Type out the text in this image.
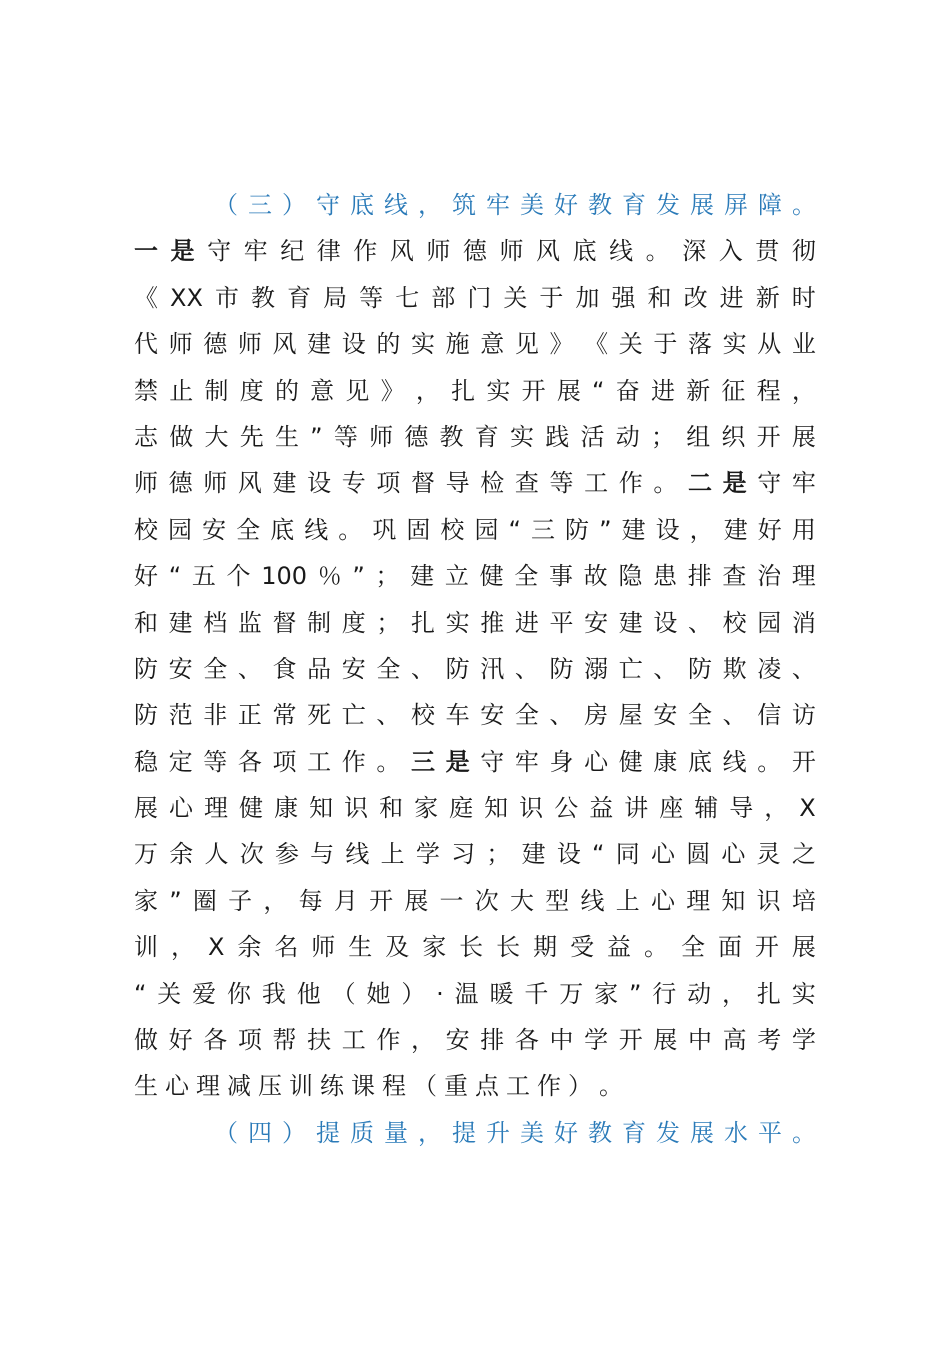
（ 三 ） 守 底 线 ， 筑 牢 美 好 教 育 发 展 屏 障 。
一 是 守 牢 纪 律 作 风 师 德 师 风 底 线 。 深 入 贯 彻
《 XX 市 教 育 局 等 七 部 门 关 于 加 强 和 改 进 新 时
代 师 德 师 风 建 设 的 实 施 意 见 》 《 关 于 落 实 从 业
禁 止 制 度 的 意 见 》 ， 扎 实 开 展 “ 奋 进 新 征 程 ，
志 做 大 先 生 ” 等 师 德 教 育 实 践 活 动 ； 组 织 开 展
师 德 师 风 建 设 专 项 督 导 检 查 等 工 作 。 二 是 守 牢
校 园 安 全 底 线 。 巩 固 校 园 “ 三 防 ” 建 设 ， 建 好 用
好 “ 五 个 100 ％ ” ； 建 立 健 全 事 故 隐 患 排 查 治 理
和 建 档 监 督 制 度 ； 扎 实 推 进 平 安 建 设 、 校 园 消
防 安 全 、 食 品 安 全 、 防 汛 、 防 溺 亡 、 防 欺 凌 、
防 范 非 正 常 死 亡 、 校 车 安 全 、 房 屋 安 全 、 信 访
稳 定 等 各 项 工 作 。 三 是 守 牢 身 心 健 康 底 线 。 开
展 心 理 健 康 知 识 和 家 庭 知 识 公 益 讲 座 辅 导 ， X
万 余 人 次 参 与 线 上 学 习 ； 建 设 “ 同 心 圆 心 灵 之
家 ” 圈 子 ， 每 月 开 展 一 次 大 型 线 上 心 理 知 识 培
训 ， X 余 名 师 生 及 家 长 长 期 受 益 。 全 面 开 展
“ 关 爱 你 我 他 （ 她 ） · 温 暖 千 万 家 ” 行 动 ， 扎 实
做 好 各 项 帮 扶 工 作 ， 安 排 各 中 学 开 展 中 高 考 学
生 心 理 减 压 训 练 课 程 （ 重 点 工 作 ） 。
（ 四 ） 提 质 量 ， 提 升 美 好 教 育 发 展 水 平 。
